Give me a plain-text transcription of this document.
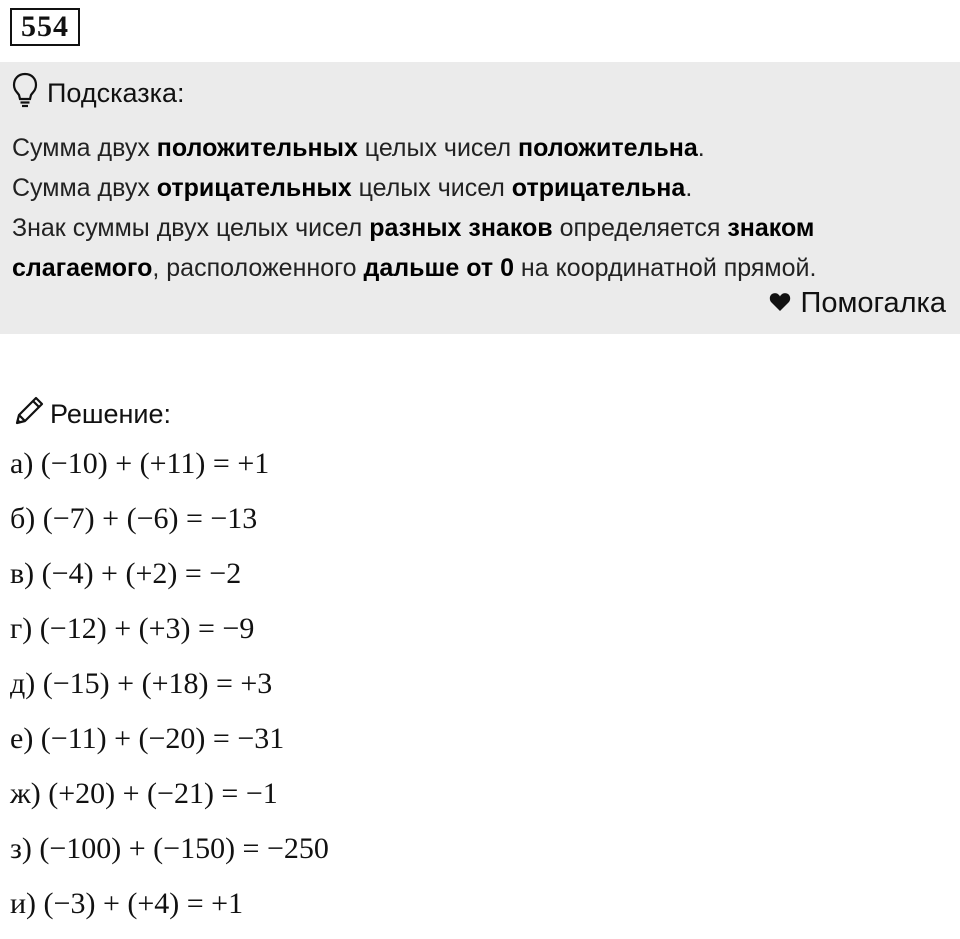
554
Подсказка:

Сумма двух положительных целых чисел положительна.

Сумма двух отрицательных целых чисел отрицательна.

Знак суммы двух целых чисел разных знаков определяется знаком

слагаемого, расположенного дальше от 0 на координатной прямой.

Помогалка
Решение:
а) (−10) + (+11) = +1
б) (−7) + (−6) = −13
в) (−4) + (+2) = −2
г) (−12) + (+3) = −9
д) (−15) + (+18) = +3
е) (−11) + (−20) = −31
ж) (+20) + (−21) = −1
з) (−100) + (−150) = −250
и) (−3) + (+4) = +1
